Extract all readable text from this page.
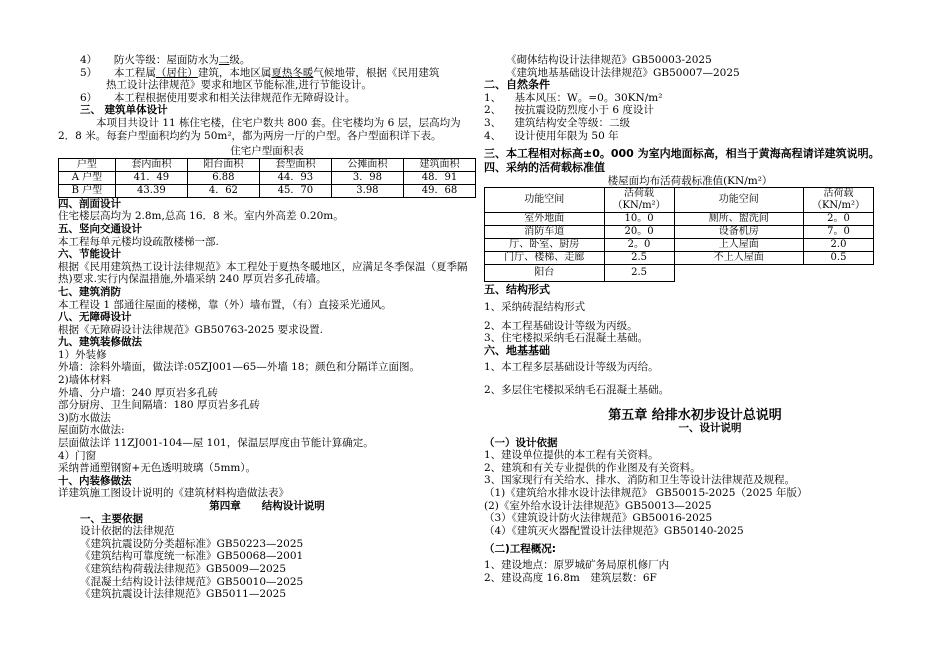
4） 防火等级：屋面防水为二级。

5） 本工程属（居住）建筑，本地区属夏热冬暖气候地带，根据《民用建筑

热工设计法律规范》要求和地区节能标准,进行节能设计。

6） 本工程根据使用要求和相关法律规范作无障碍设计。

三、 建筑单体设计

本项目共设计 11 栋住宅楼，住宅户数共 800 套。住宅楼均为 6 层，层高均为 2．8 米。每套户型面积均约为 50m²，都为两房一厅的户型。各户型面积详下表。

住宅户型面积表

户型	套内面积	阳台面积	套型面积	公摊面积	建筑面积
A 户型	41．49	6.88	44．93	3．98	48．91
B 户型	43.39	4．62	45．70	3.98	49．68

四、剖面设计

住宅楼层高均为 2.8m,总高 16．8 米。室内外高差 0.20m。

五、竖向交通设计

本工程每单元楼均设疏散楼梯一部.

六、节能设计

根据《民用建筑热工设计法律规范》本工程处于夏热冬暖地区，应满足冬季保温（夏季隔热)要求.实行内保温措施,外墙采纳 240 厚页岩多孔砖墙。

七、建筑消防

本工程设 1 部通往屋面的楼梯，靠（外）墙布置，（有）直接采光通风。

八、无障碍设计

根据《无障碍设计法律规范》GB50763-2025 要求设置.

九、建筑装修做法

1）外装修

外墙：涂料外墙面，做法详:05ZJ001—65—外墙 18；颜色和分隔详立面图。

2)墙体材料

外墙、分户墙：240 厚页岩多孔砖

部分厨房、卫生间隔墙：180 厚页岩多孔砖

3)防水做法

屋面防水做法:

层面做法详 11ZJ001-104—屋 101，保温层厚度由节能计算确定。

4）门窗

采纳普通塑钢窗+无色透明玻璃（5mm）。

十、内装修做法

详建筑施工图设计说明的《建筑材料构造做法表》

第四章　　结构设计说明

一、主要依据

设计依据的法律规范

《建筑抗震设防分类超标准》GB50223—2025

《建筑结构可靠度统一标准》GB50068—2001

《建筑结构荷载法律规范》GB5009—2025

《混凝土结构设计法律规范》GB50010—2025

《建筑抗震设计法律规范》GB5011—2025

《砌体结构设计法律规范》GB50003-2025

《建筑地基基础设计法律规范》GB50007—2025

二、自然条件

1、 基本风压：W。=0。30KN/m²

2、 按抗震设防烈度小于 6 度设计

3、 建筑结构安全等级：二级

4、 设计使用年限为 50 年

三、本工程相对标高±0。000 为室内地面标高，相当于黄海高程请详建筑说明。

四、采纳的活荷载标准值

楼屋面均布活荷载标准值(KN/m²）

功能空间	活荷载（KN/m²）	功能空间	活荷载（KN/m²）
室外地面	10。0	厕所、盥洗间	2。0
消防车道	20。0	设备机房	7。0
厅、卧室、厨房	2。0	上人屋面	2.0
门厅、楼梯、走廊	2.5	不上人屋面	0.5
阳台	2.5		

五、结构形式

1、采纳砖混结构形式

2、本工程基础设计等级为丙级。

3、住宅楼拟采纳毛石混凝土基础。

六、地基基础

1、本工程多层基础设计等级为丙给。

2、多层住宅楼拟采纳毛石混凝土基础。

第五章 给排水初步设计总说明

一、设计说明

（一）设计依据

1、建设单位提供的本工程有关资料。

2、建筑和有关专业提供的作业图及有关资料。

3、国家现行有关给水、排水、消防和卫生等设计法律规范及规程。

（1)《建筑给水排水设计法律规范》 GB50015-2025（2025 年版）

(2)《室外给水设计法律规范》GB50013—2025

（3）《建筑设计防火法律规范》GB50016-2025

（4）《建筑灭火器配置设计法律规范》GB50140-2025

（二)工程概况:

1、建设地点：原罗城矿务局原机修厂内

2、建设高度 16.8m　建筑层数：6F
